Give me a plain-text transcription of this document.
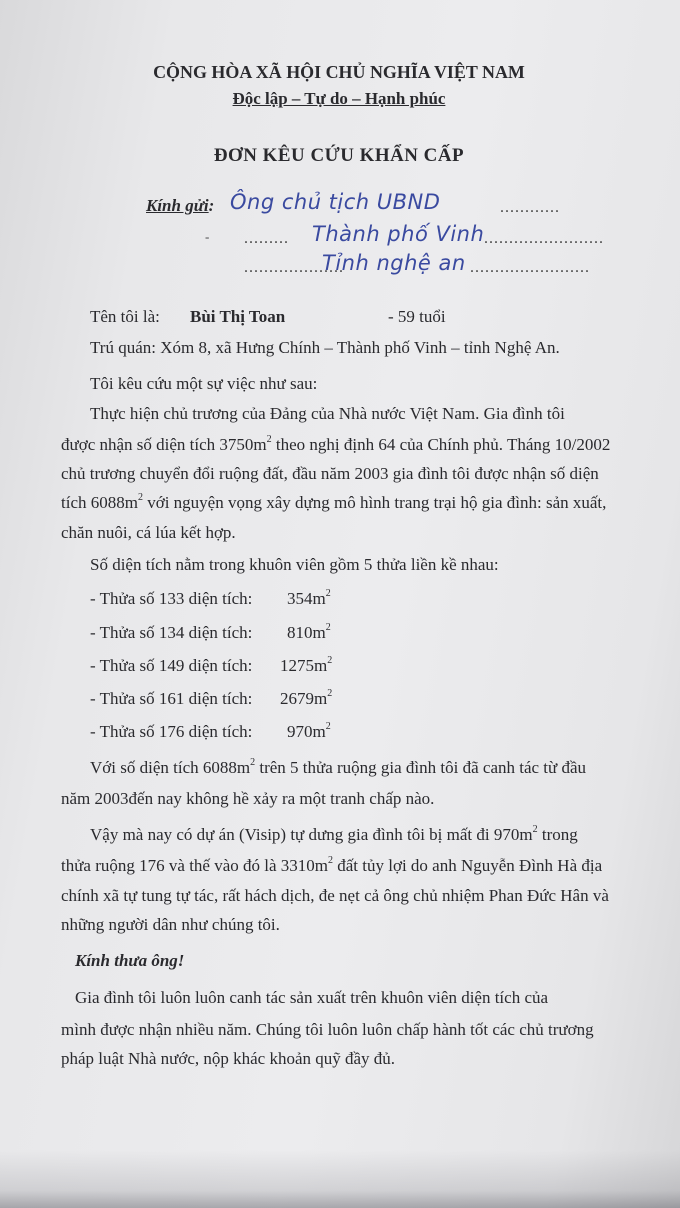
CỘNG HÒA XÃ HỘI CHỦ NGHĨA VIỆT NAM
Độc lập – Tự do – Hạnh phúc
ĐƠN KÊU CỨU KHẨN CẤP
Kính gửi: Ông chủ tịch UBND	............
- ......... Thành phố Vinh ........................
....................
Tỉnh nghệ an ........................
Tên tôi là: Bùi Thị Toan	- 59 tuổi
Trú quán: Xóm 8, xã Hưng Chính – Thành phố Vinh – tỉnh Nghệ An.
Tôi kêu cứu một sự việc như sau:
Thực hiện chủ trương của Đảng của Nhà nước Việt Nam. Gia đình tôi
được nhận số diện tích $3750m^2$ theo nghị định 64 của Chính phủ. Tháng 10/2002
chủ trương chuyển đổi ruộng đất, đầu năm 2003 gia đình tôi được nhận số diện
tích $6088m^2$ với nguyện vọng xây dựng mô hình trang trại hộ gia đình: sản xuất,
chăn nuôi, cá lúa kết hợp.
Số diện tích nằm trong khuôn viên gồm 5 thửa liền kề nhau:
- Thửa số 133 diện tích: $354m^2$
- Thửa số 134 diện tích: $810m^2$
- Thửa số 149 diện tích: $1275m^2$
- Thửa số 161 diện tích: $2679m^2$
- Thửa số 176 diện tích: $970m^2$
Với số diện tích $6088m^2$ trên 5 thửa ruộng gia đình tôi đã canh tác từ đầu
năm 2003đến nay không hề xảy ra một tranh chấp nào.
Vậy mà nay có dự án (Visip) tự dưng gia đình tôi bị mất đi $970m^2$ trong
thửa ruộng 176 và thế vào đó là $3310m^2$ đất tủy lợi do anh Nguyễn Đình Hà địa
chính xã tự tung tự tác, rất hách dịch, đe nẹt cả ông chủ nhiệm Phan Đức Hân và
những người dân như chúng tôi.
Kính thưa ông!
Gia đình tôi luôn luôn canh tác sản xuất trên khuôn viên diện tích của
mình được nhận nhiều năm. Chúng tôi luôn luôn chấp hành tốt các chủ trương
pháp luật Nhà nước, nộp khác khoản quỹ đầy đủ.
